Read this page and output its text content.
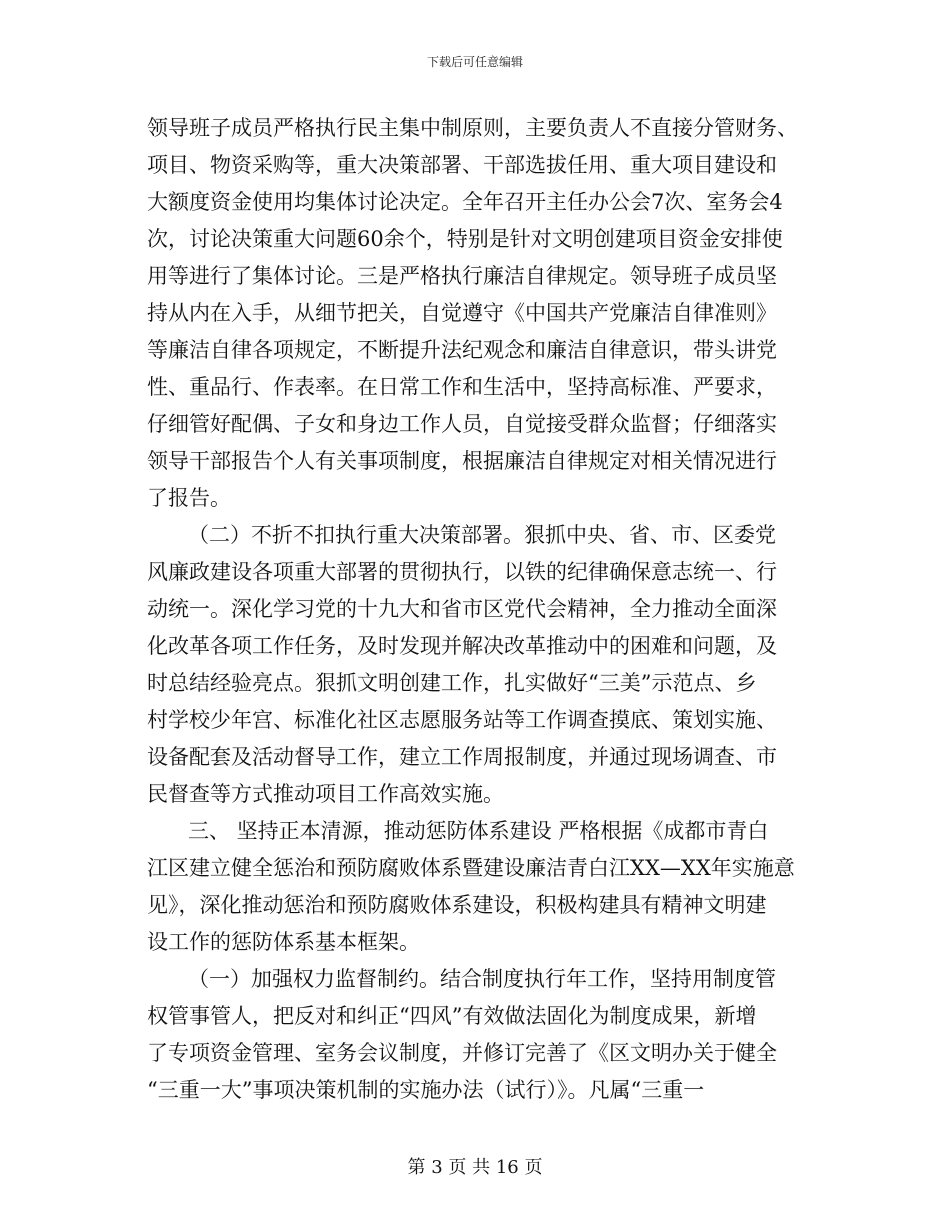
下载后可任意编辑
领导班子成员严格执行民主集中制原则，主要负责人不直接分管财务、
项目、物资采购等，重大决策部署、干部选拔任用、重大项目建设和
大额度资金使用均集体讨论决定。全年召开主任办公会7次、室务会4
次，讨论决策重大问题60余个，特别是针对文明创建项目资金安排使
用等进行了集体讨论。三是严格执行廉洁自律规定。领导班子成员坚
持从内在入手，从细节把关，自觉遵守《中国共产党廉洁自律准则》
等廉洁自律各项规定，不断提升法纪观念和廉洁自律意识，带头讲党
性、重品行、作表率。在日常工作和生活中，坚持高标准、严要求，
仔细管好配偶、子女和身边工作人员，自觉接受群众监督；仔细落实
领导干部报告个人有关事项制度，根据廉洁自律规定对相关情况进行
了报告。
（二）不折不扣执行重大决策部署。狠抓中央、省、市、区委党
风廉政建设各项重大部署的贯彻执行，以铁的纪律确保意志统一、行
动统一。深化学习党的十九大和省市区党代会精神，全力推动全面深
化改革各项工作任务，及时发现并解决改革推动中的困难和问题，及
时总结经验亮点。狠抓文明创建工作，扎实做好“三美”示范点、乡
村学校少年宫、标准化社区志愿服务站等工作调查摸底、策划实施、
设备配套及活动督导工作，建立工作周报制度，并通过现场调查、市
民督查等方式推动项目工作高效实施。
三、 坚持正本清源，推动惩防体系建设 严格根据《成都市青白
江区建立健全惩治和预防腐败体系暨建设廉洁青白江XX—XX年实施意
见》，深化推动惩治和预防腐败体系建设，积极构建具有精神文明建
设工作的惩防体系基本框架。
（一）加强权力监督制约。结合制度执行年工作，坚持用制度管
权管事管人，把反对和纠正“四风”有效做法固化为制度成果，新增
了专项资金管理、室务会议制度，并修订完善了《区文明办关于健全
“三重一大”事项决策机制的实施办法（试行）》。凡属“三重一
第 3 页 共 16 页
